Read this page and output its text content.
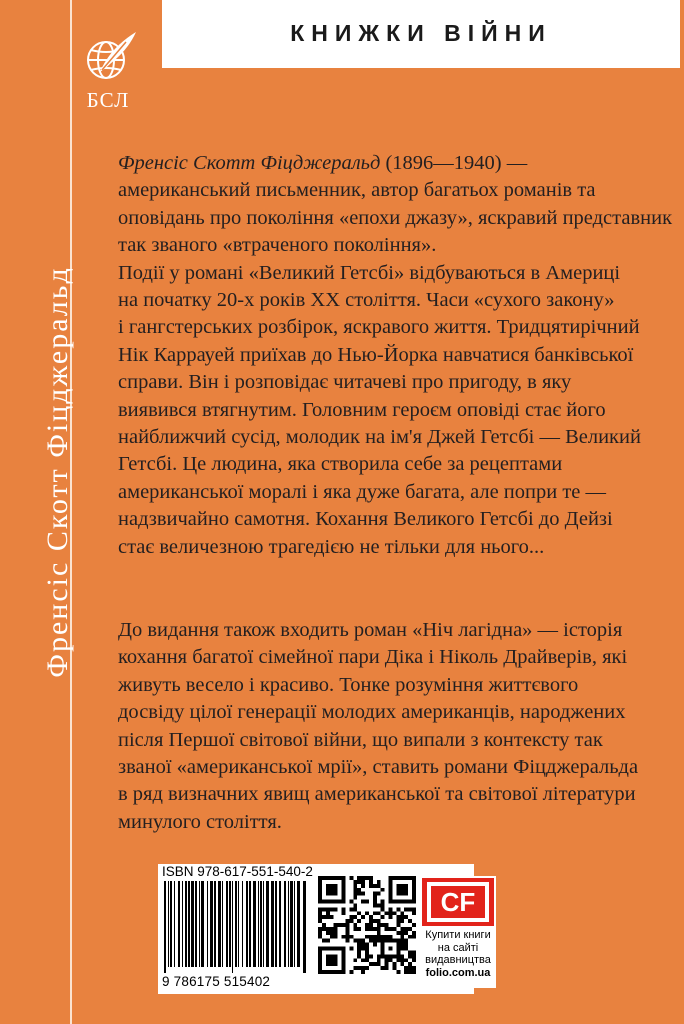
БСЛ
КНИЖКИ ВІЙНИ
Френсіс Скотт Фіцджеральд
Френсіс Скотт Фіцджеральд (1896—1940) —
американський письменник, автор багатьох романів та
оповідань про покоління «епохи джазу», яскравий представник
так званого «втраченого покоління».
Події у романі «Великий Гетсбі» відбуваються в Америці
на початку 20-х років XX століття. Часи «сухого закону»
і гангстерських розбірок, яскравого життя. Тридцятирічний
Нік Каррауей приїхав до Нью-Йорка навчатися банківської
справи. Він і розповідає читачеві про пригоду, в яку
виявився втягнутим. Головним героєм оповіді стає його
найближчий сусід, молодик на ім'я Джей Гетсбі — Великий
Гетсбі. Це людина, яка створила себе за рецептами
американської моралі і яка дуже багата, але попри те —
надзвичайно самотня. Кохання Великого Гетсбі до Дейзі
стає величезною трагедією не тільки для нього...
До видання також входить роман «Ніч лагідна» — історія
кохання багатої сімейної пари Діка і Ніколь Драйверів, які
живуть весело і красиво. Тонке розуміння життєвого
досвіду цілої генерації молодих американців, народжених
після Першої світової війни, що випали з контексту так
званої «американської мрії», ставить романи Фіцджеральда
в ряд визначних явищ американської та світової літератури
минулого століття.
ISBN 978-617-551-540-2
9 786175 515402
CF
Купити книги
на сайті
видавництва
folio.com.ua
